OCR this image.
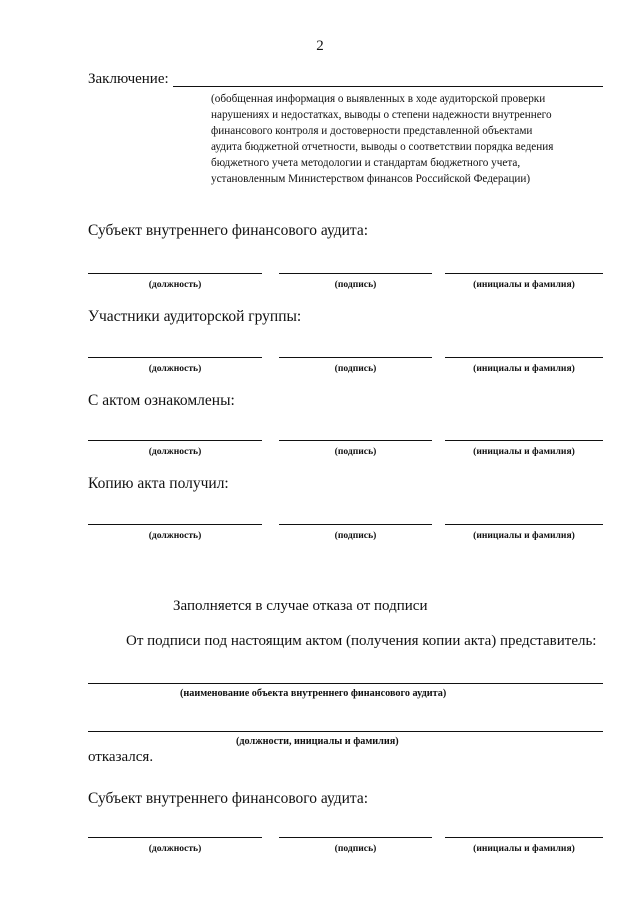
2
Заключение:
(обобщенная информация о выявленных в ходе аудиторской проверки
нарушениях и недостатках, выводы о степени надежности внутреннего
финансового контроля и достоверности представленной объектами
аудита бюджетной отчетности, выводы о соответствии порядка ведения
бюджетного учета методологии и стандартам бюджетного учета,
установленным Министерством финансов Российской Федерации)
Субъект внутреннего финансового аудита:
(должность)	(подпись)	(инициалы и фамилия)
Участники аудиторской группы:
(должность)	(подпись)	(инициалы и фамилия)
С актом ознакомлены:
(должность)	(подпись)	(инициалы и фамилия)
Копию акта получил:
(должность)	(подпись)	(инициалы и фамилия)
Заполняется в случае отказа от подписи
От подписи под настоящим актом (получения копии акта) представитель:
(наименование объекта внутреннего финансового аудита)
(должности, инициалы и фамилия)
отказался.
Субъект внутреннего финансового аудита:
(должность)	(подпись)	(инициалы и фамилия)
